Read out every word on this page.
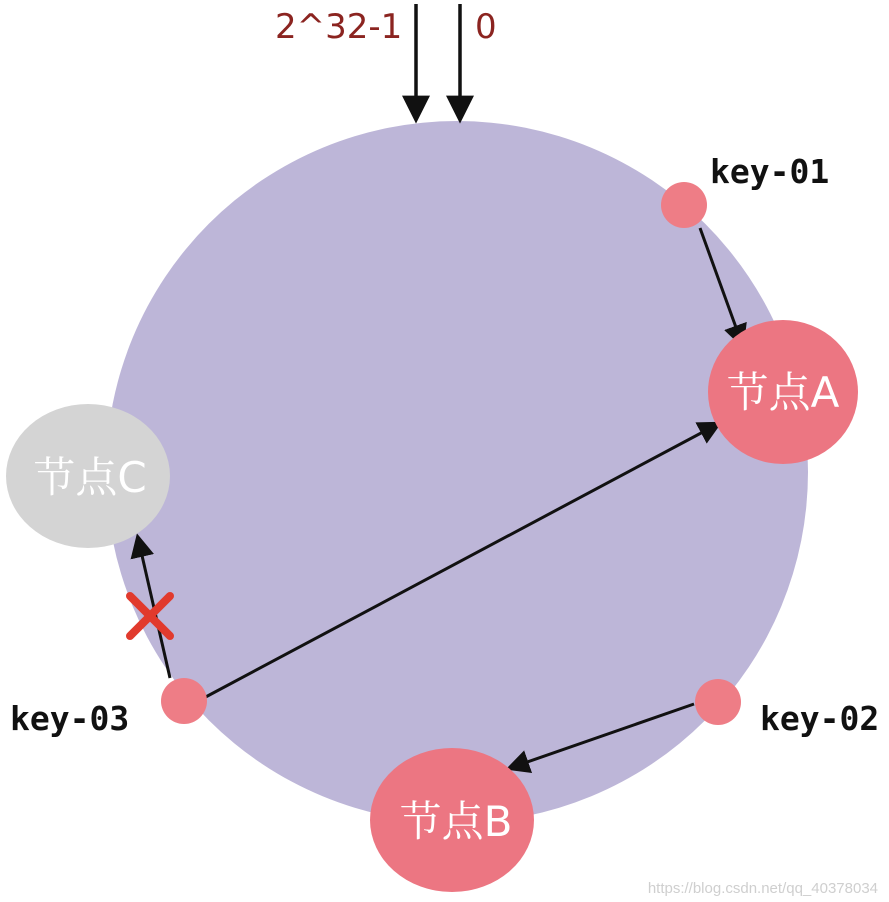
2^32-1 0
节点A
节点B
节点C
key-01
key-02
key-03
https://blog.csdn.net/qq_40378034
